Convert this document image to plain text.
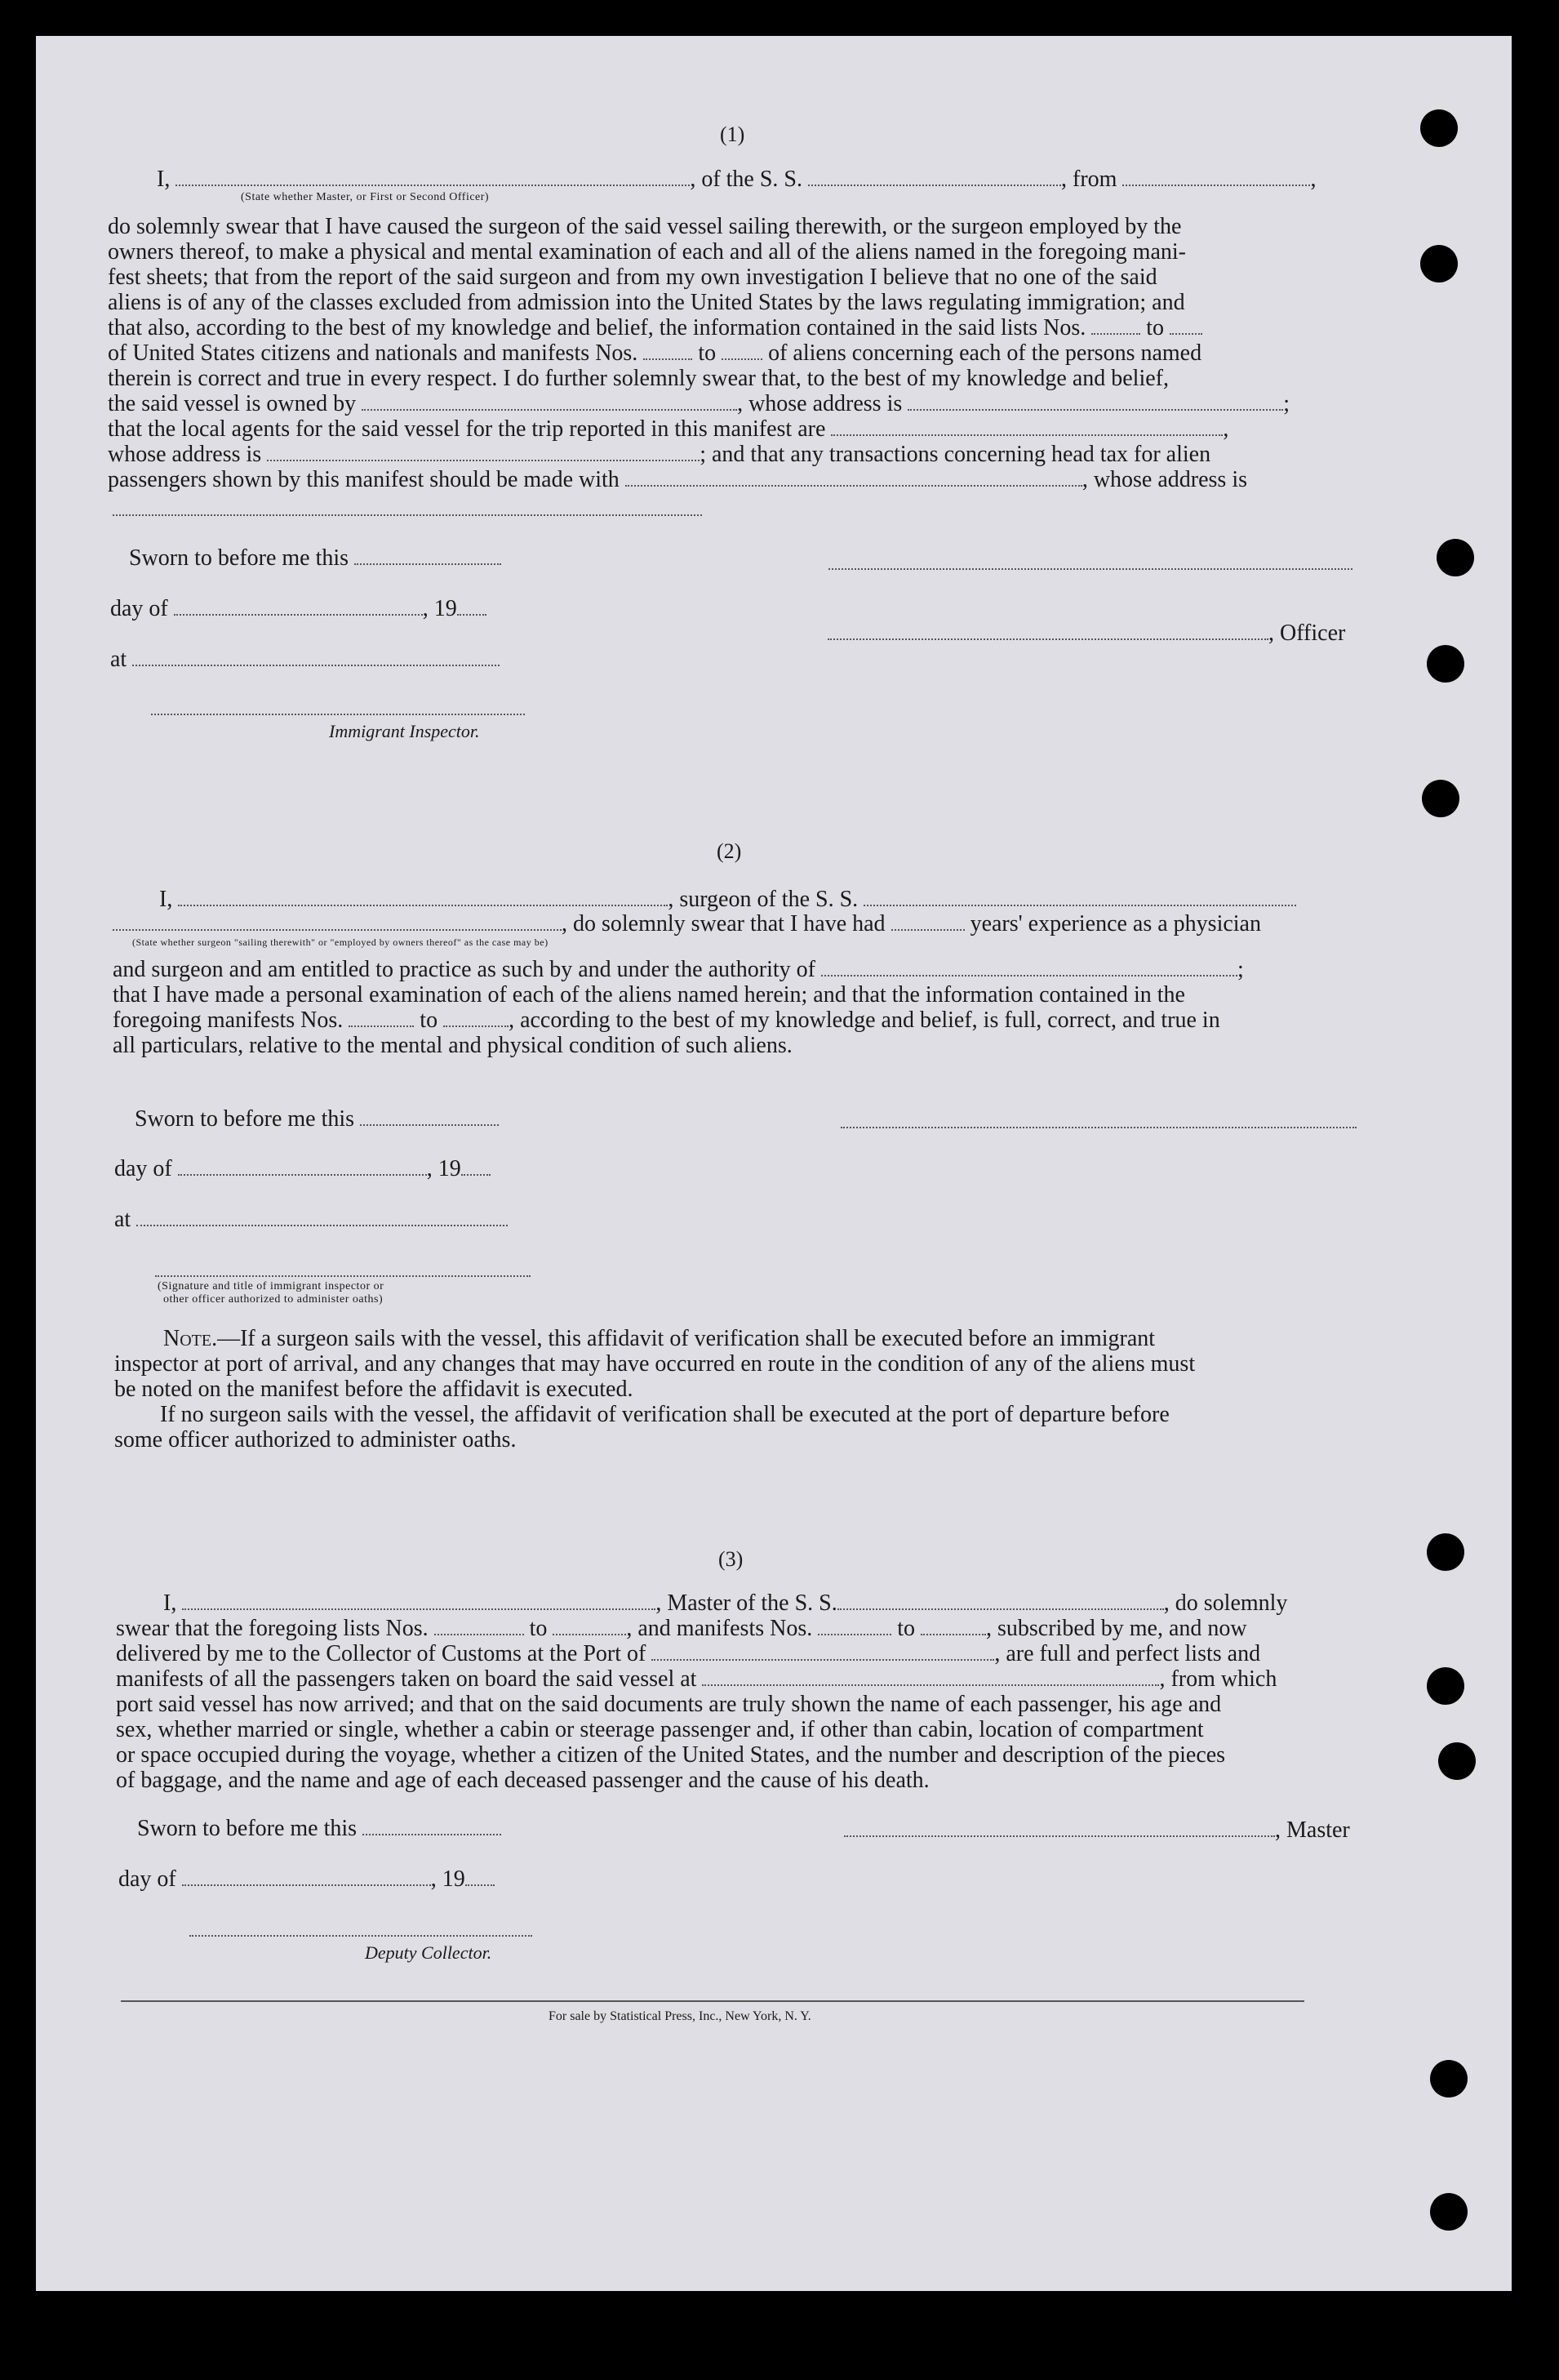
(1)
I,	, of the S. S.	, from	,
(State whether Master, or First or Second Officer)
do solemnly swear that I have caused the surgeon of the said vessel sailing therewith, or the surgeon employed by the
owners thereof, to make a physical and mental examination of each and all of the aliens named in the foregoing mani-
fest sheets; that from the report of the said surgeon and from my own investigation I believe that no one of the said
aliens is of any of the classes excluded from admission into the United States by the laws regulating immigration; and
that also, according to the best of my knowledge and belief, the information contained in the said lists Nos.	to
of United States citizens and nationals and manifests Nos.	to of aliens concerning each of the persons named
therein is correct and true in every respect. I do further solemnly swear that, to the best of my knowledge and belief,
the said vessel is owned by	, whose address is	;
that the local agents for the said vessel for the trip reported in this manifest are	,
whose address is	; and that any transactions concerning head tax for alien
passengers shown by this manifest should be made with	, whose address is
Sworn to before me this
day of	, 19
, Officer
at
Immigrant Inspector.
(2)
I,	, surgeon of the S. S.
, do solemnly swear that I have had	years' experience as a physician
(State whether surgeon "sailing therewith" or "employed by owners thereof" as the case may be)
and surgeon and am entitled to practice as such by and under the authority of	;
that I have made a personal examination of each of the aliens named herein; and that the information contained in the
foregoing manifests Nos.	to	, according to the best of my knowledge and belief, is full, correct, and true in
all particulars, relative to the mental and physical condition of such aliens.
Sworn to before me this
day of	, 19
at
(Signature and title of immigrant inspector or
other officer authorized to administer oaths)
Note.—If a surgeon sails with the vessel, this affidavit of verification shall be executed before an immigrant
inspector at port of arrival, and any changes that may have occurred en route in the condition of any of the aliens must
be noted on the manifest before the affidavit is executed.
If no surgeon sails with the vessel, the affidavit of verification shall be executed at the port of departure before
some officer authorized to administer oaths.
(3)
I,	, Master of the S. S.	, do solemnly
swear that the foregoing lists Nos.	to	, and manifests Nos.	to	, subscribed by me, and now
delivered by me to the Collector of Customs at the Port of	, are full and perfect lists and
manifests of all the passengers taken on board the said vessel at	, from which
port said vessel has now arrived; and that on the said documents are truly shown the name of each passenger, his age and
sex, whether married or single, whether a cabin or steerage passenger and, if other than cabin, location of compartment
or space occupied during the voyage, whether a citizen of the United States, and the number and description of the pieces
of baggage, and the name and age of each deceased passenger and the cause of his death.
Sworn to before me this	, Master
day of	, 19
Deputy Collector.
For sale by Statistical Press, Inc., New York, N. Y.
